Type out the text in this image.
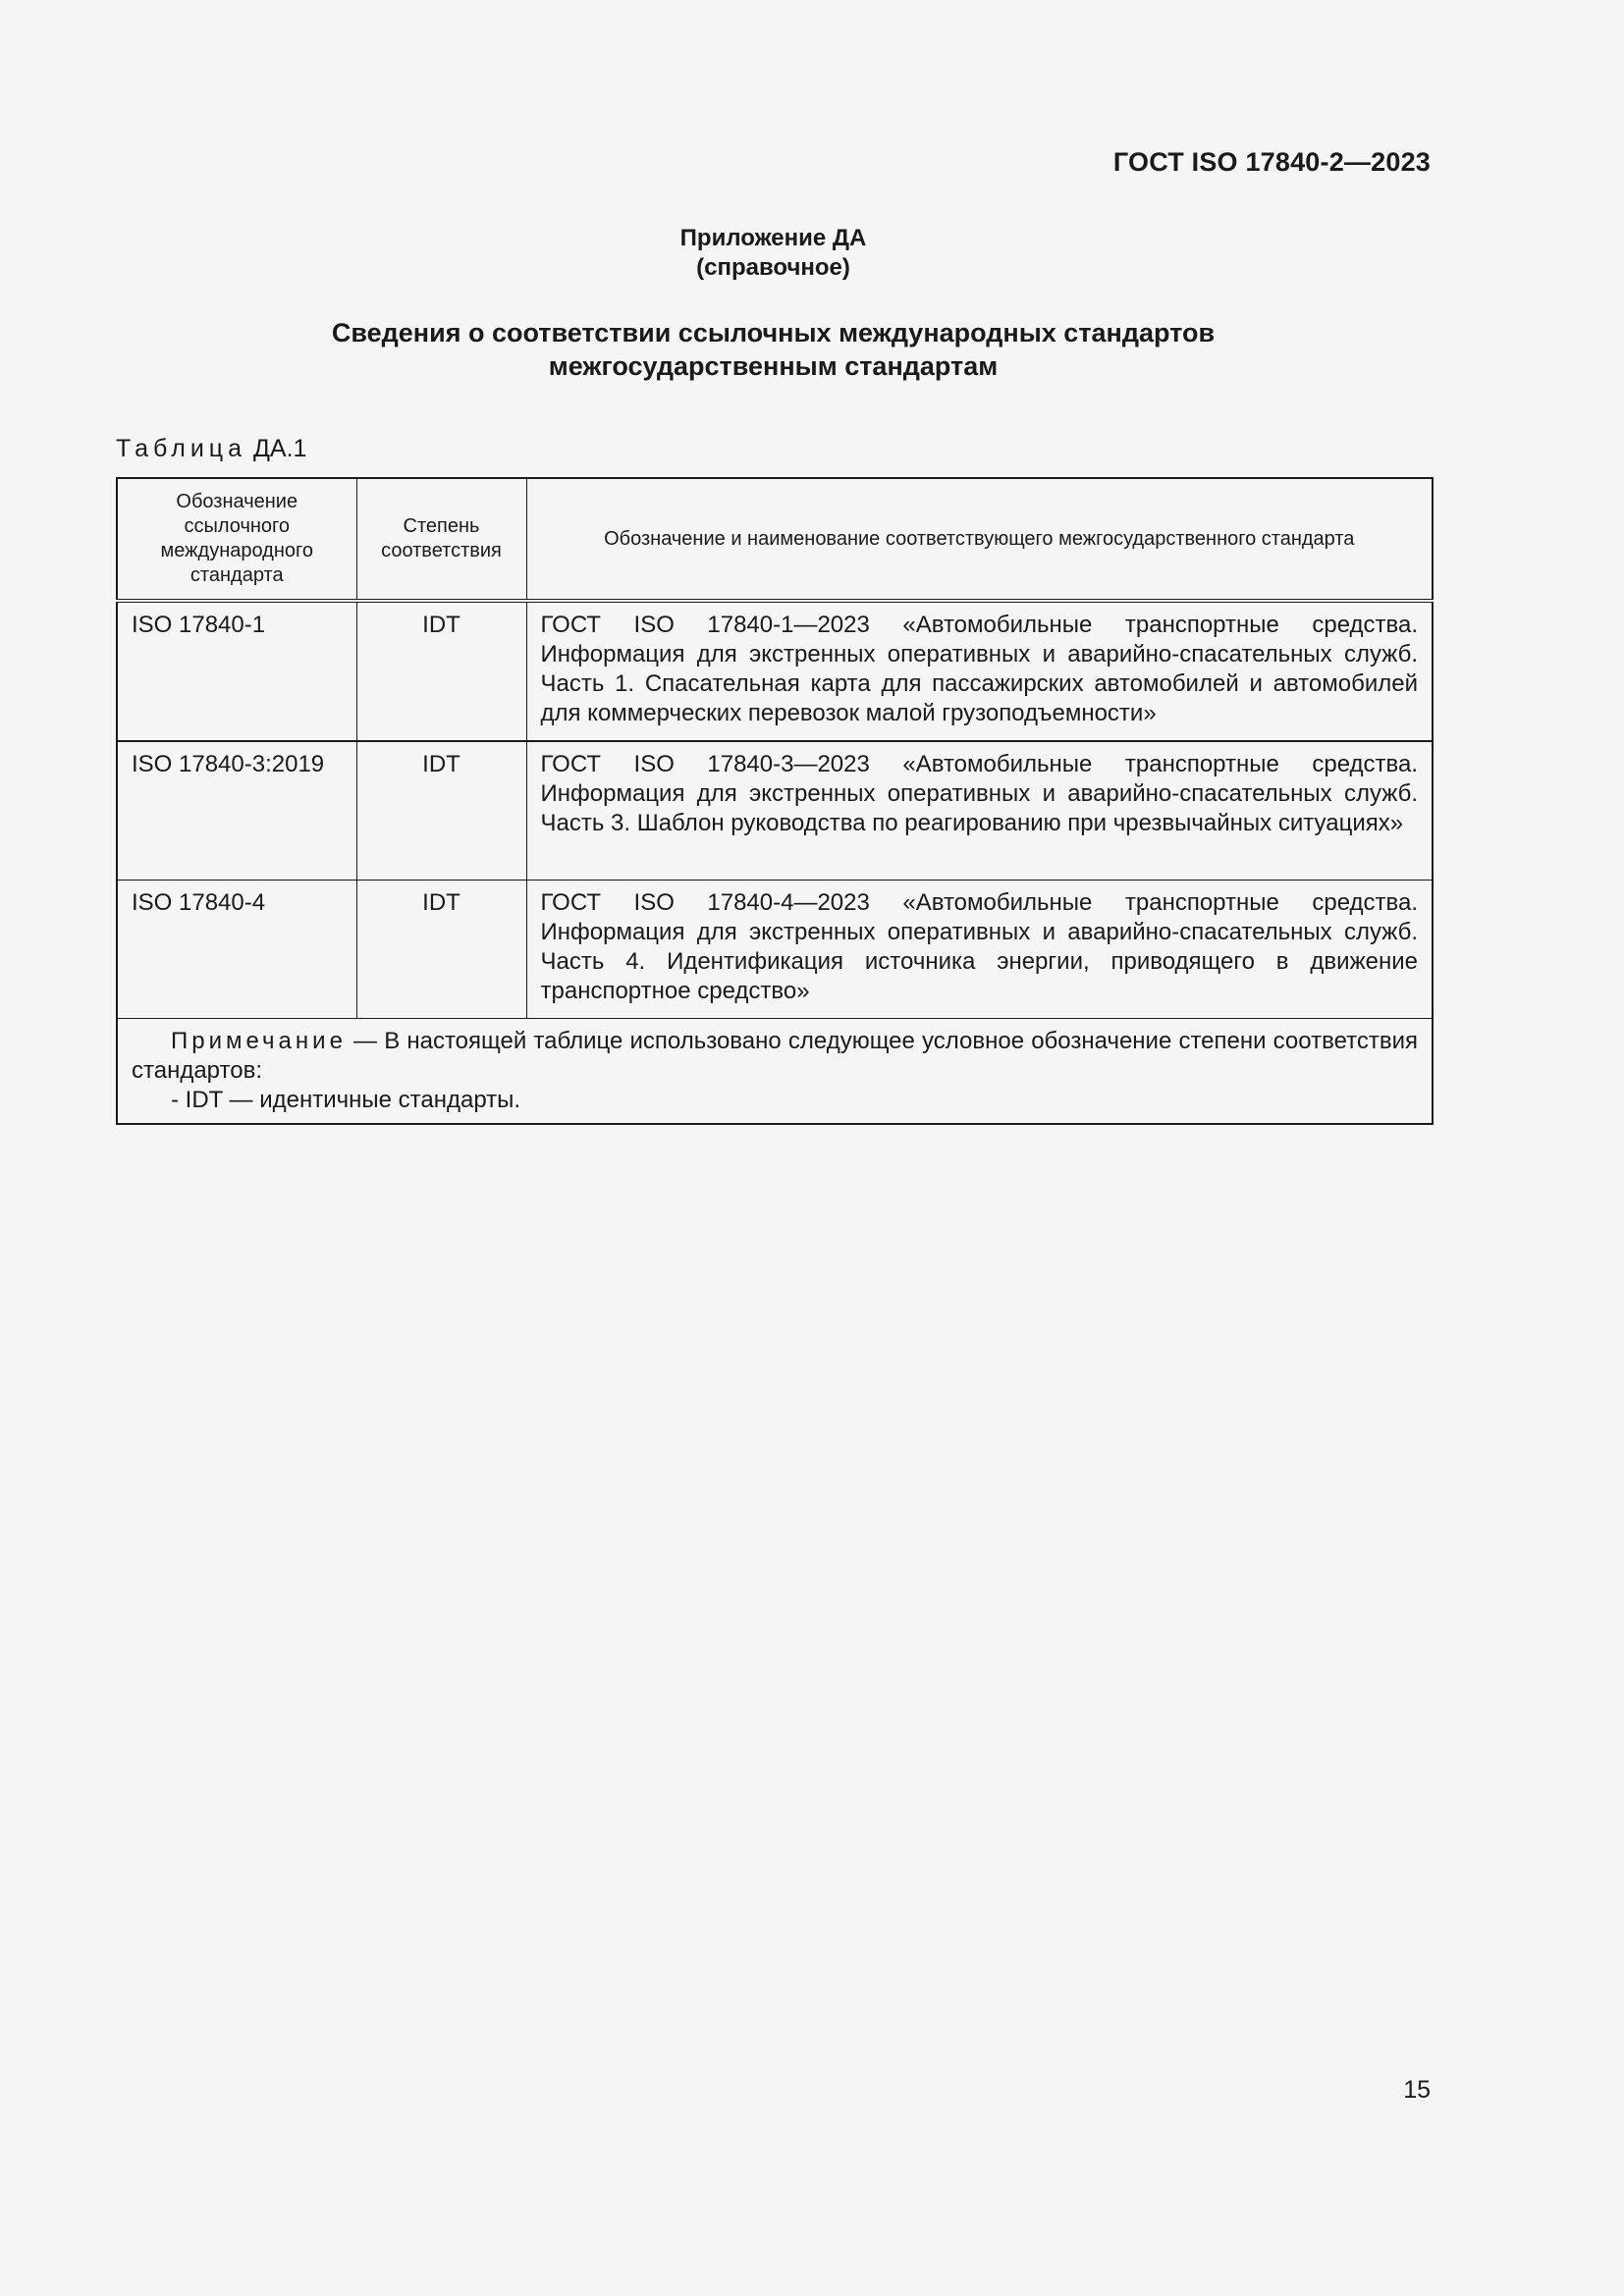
ГОСТ ISO 17840-2—2023
Приложение ДА
(справочное)
Сведения о соответствии ссылочных международных стандартов
межгосударственным стандартам
Таблица ДА.1
Обозначение ссылочного международного стандарта	Степень соответствия	Обозначение и наименование соответствующего межгосударственного стандарта
ISO 17840-1	IDT	ГОСТ ISO 17840-1—2023 «Автомобильные транспортные средства. Информация для экстренных оперативных и аварийно-спасательных служб. Часть 1. Спасательная карта для пассажирских автомобилей и автомобилей для коммерческих перевозок малой грузоподъемности»
ISO 17840-3:2019	IDT	ГОСТ ISO 17840-3—2023 «Автомобильные транспортные средства. Информация для экстренных оперативных и аварийно-спасательных служб. Часть 3. Шаблон руководства по реагированию при чрезвычайных ситуациях»
ISO 17840-4	IDT	ГОСТ ISO 17840-4—2023 «Автомобильные транспортные средства. Информация для экстренных оперативных и аварийно-спасательных служб. Часть 4. Идентификация источника энергии, приводящего в движение транспортное средство»

Примечание — В настоящей таблице использовано следующее условное обозначение степени соответствия стандартов:
- IDT — идентичные стандарты.		
15
